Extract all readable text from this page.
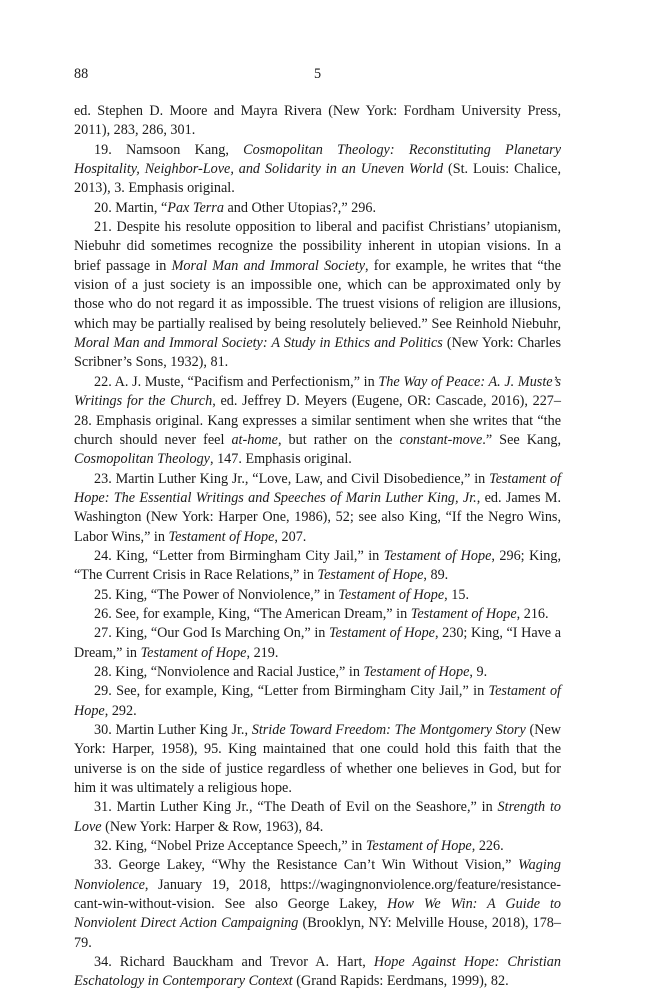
88	5

ed. Stephen D. Moore and Mayra Rivera (New York: Fordham University Press, 2011), 283, 286, 301.

19. Namsoon Kang, Cosmopolitan Theology: Reconstituting Planetary Hospitality, Neighbor-Love, and Solidarity in an Uneven World (St. Louis: Chalice, 2013), 3. Emphasis original.

20. Martin, “Pax Terra and Other Utopias?,” 296.

21. Despite his resolute opposition to liberal and pacifist Christians’ utopianism, Niebuhr did sometimes recognize the possibility inherent in utopian visions. In a brief passage in Moral Man and Immoral Society, for example, he writes that “the vision of a just society is an impossible one, which can be approximated only by those who do not regard it as impossible. The truest visions of religion are illusions, which may be partially realised by being resolutely believed.” See Reinhold Niebuhr, Moral Man and Immoral Society: A Study in Ethics and Politics (New York: Charles Scribner’s Sons, 1932), 81.

22. A. J. Muste, “Pacifism and Perfectionism,” in The Way of Peace: A. J. Muste’s Writings for the Church, ed. Jeffrey D. Meyers (Eugene, OR: Cascade, 2016), 227–28. Emphasis original. Kang expresses a similar sentiment when she writes that “the church should never feel at-home, but rather on the constant-move.” See Kang, Cosmopolitan Theology, 147. Emphasis original.

23. Martin Luther King Jr., “Love, Law, and Civil Disobedience,” in Testament of Hope: The Essential Writings and Speeches of Marin Luther King, Jr., ed. James M. Washington (New York: Harper One, 1986), 52; see also King, “If the Negro Wins, Labor Wins,” in Testament of Hope, 207.

24. King, “Letter from Birmingham City Jail,” in Testament of Hope, 296; King, “The Current Crisis in Race Relations,” in Testament of Hope, 89.

25. King, “The Power of Nonviolence,” in Testament of Hope, 15.

26. See, for example, King, “The American Dream,” in Testament of Hope, 216.

27. King, “Our God Is Marching On,” in Testament of Hope, 230; King, “I Have a Dream,” in Testament of Hope, 219.

28. King, “Nonviolence and Racial Justice,” in Testament of Hope, 9.

29. See, for example, King, “Letter from Birmingham City Jail,” in Testament of Hope, 292.

30. Martin Luther King Jr., Stride Toward Freedom: The Montgomery Story (New York: Harper, 1958), 95. King maintained that one could hold this faith that the universe is on the side of justice regardless of whether one believes in God, but for him it was ultimately a religious hope.

31. Martin Luther King Jr., “The Death of Evil on the Seashore,” in Strength to Love (New York: Harper & Row, 1963), 84.

32. King, “Nobel Prize Acceptance Speech,” in Testament of Hope, 226.

33. George Lakey, “Why the Resistance Can’t Win Without Vision,” Waging Nonviolence, January 19, 2018, https://wagingnonviolence.org/feature/resistance-cant-win-without-vision. See also George Lakey, How We Win: A Guide to Nonviolent Direct Action Campaigning (Brooklyn, NY: Melville House, 2018), 178–79.

34. Richard Bauckham and Trevor A. Hart, Hope Against Hope: Christian Eschatology in Contemporary Context (Grand Rapids: Eerdmans, 1999), 82.
